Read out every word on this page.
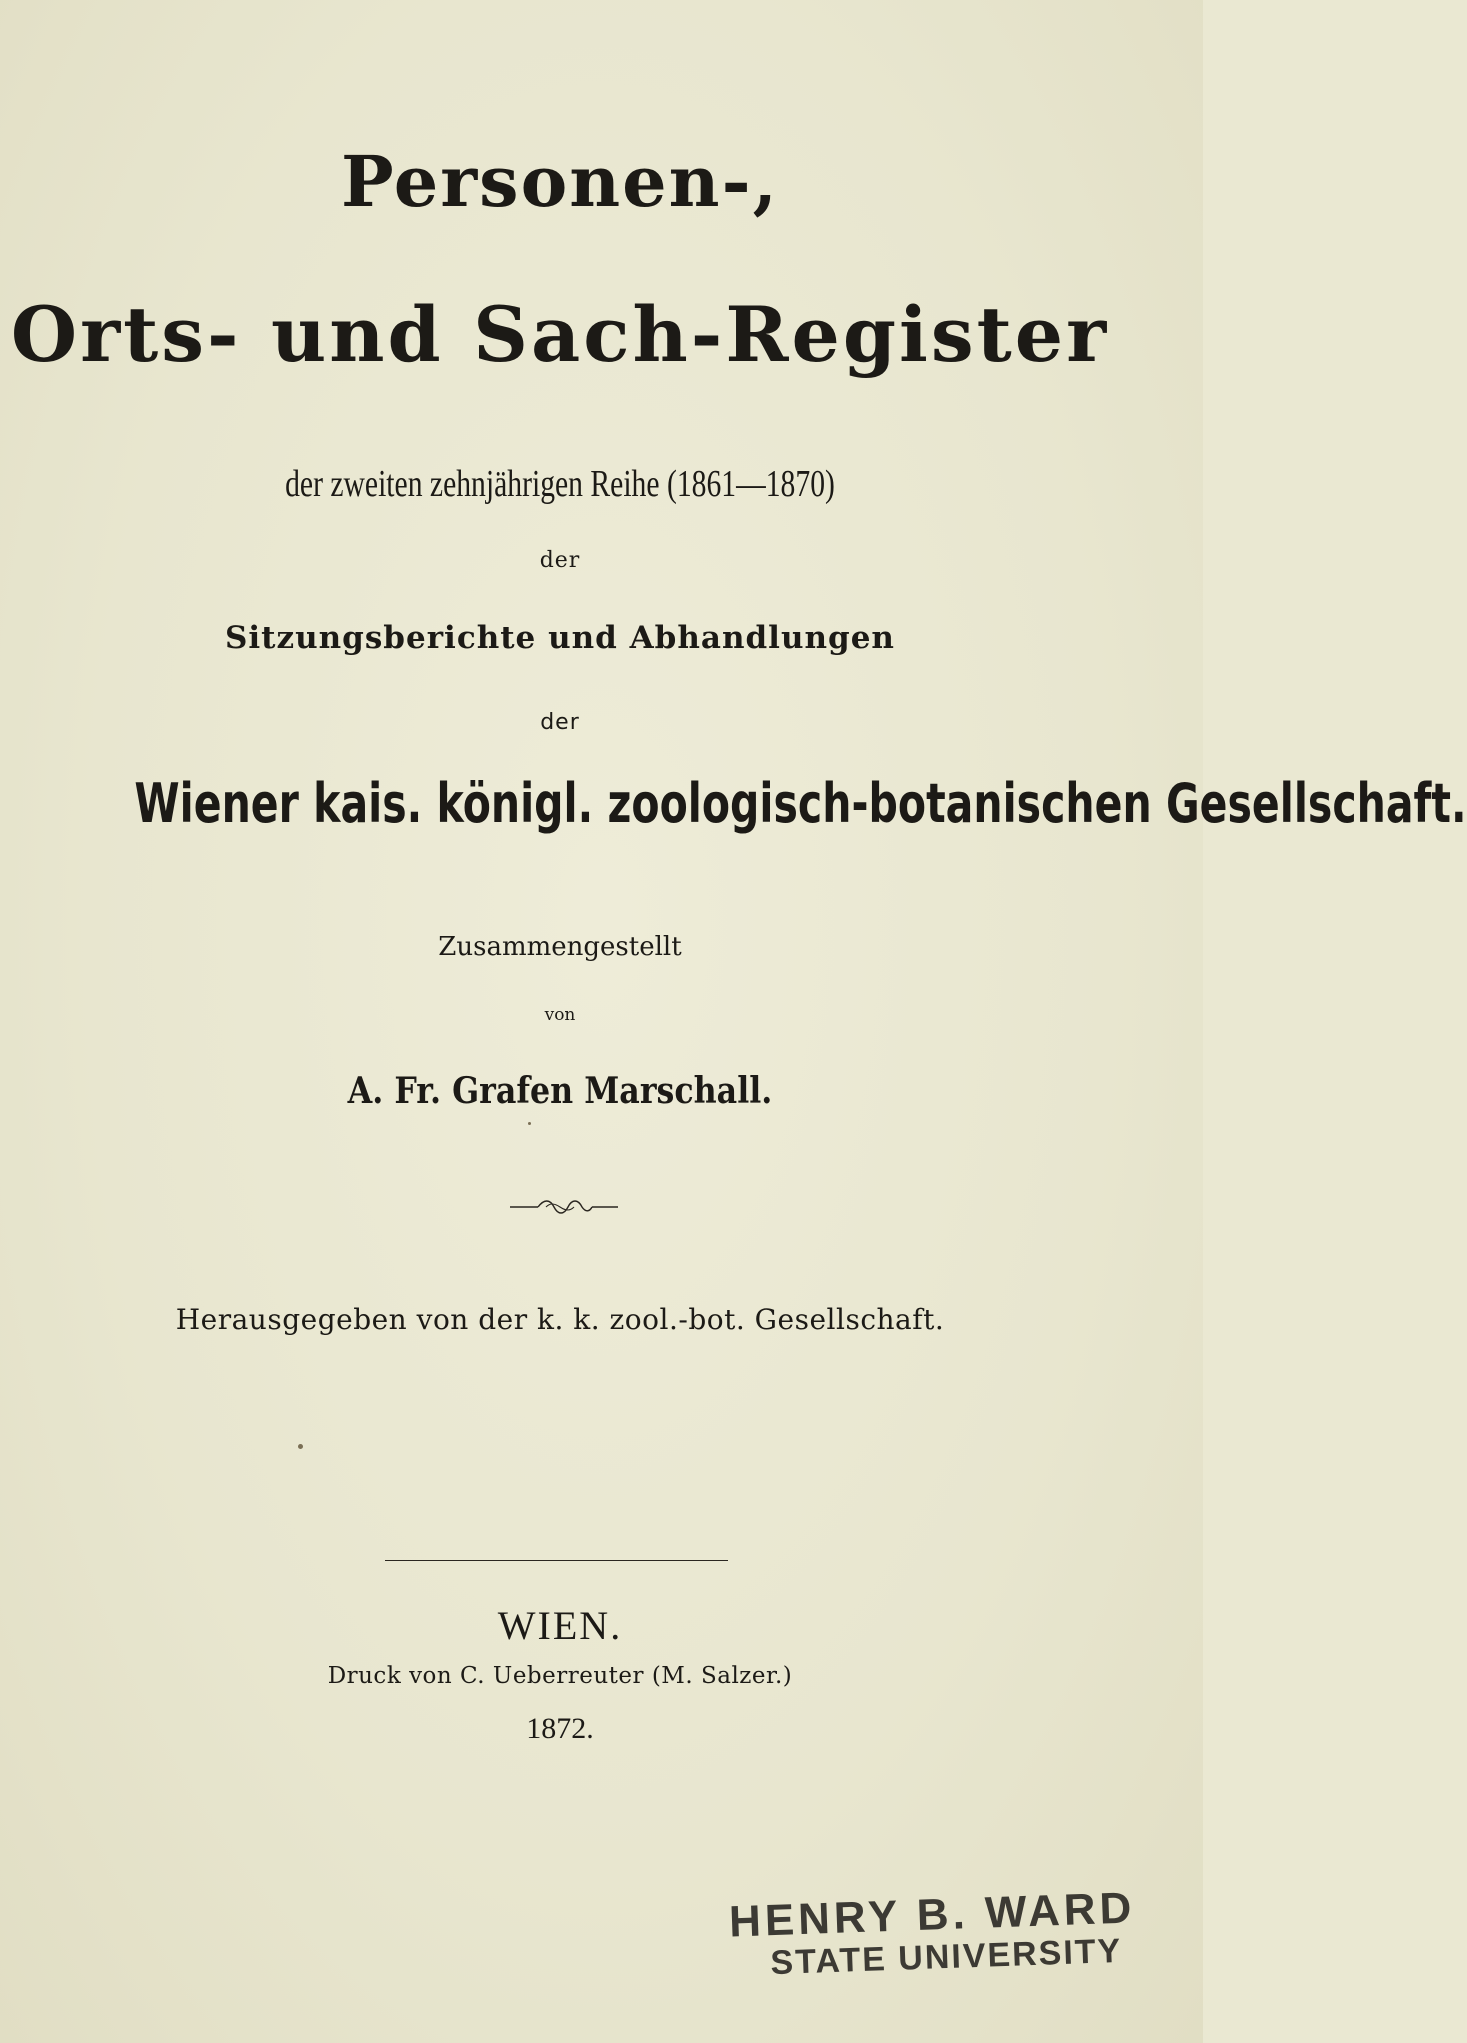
Personen-,
Orts- und Sach-Register
der zweiten zehnjährigen Reihe (1861—1870)
der
Sitzungsberichte und Abhandlungen
der
Wiener kais. königl. zoologisch-botanischen Gesellschaft.
Zusammengestellt
von
A. Fr. Grafen Marschall.
Herausgegeben von der k. k. zool.-bot. Gesellschaft.
WIEN.
Druck von C. Ueberreuter (M. Salzer.)
1872.
HENRY B. WARD
STATE UNIVERSITY
